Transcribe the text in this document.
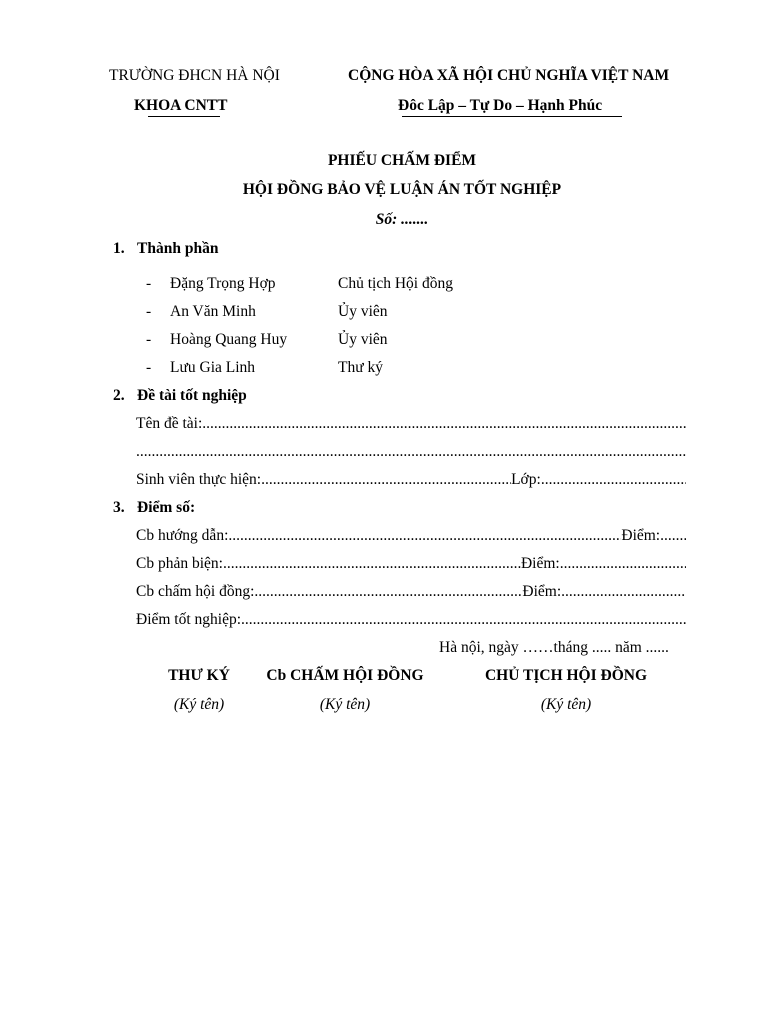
TRƯỜNG ĐHCN HÀ NỘI
KHOA CNTT
CỘNG HÒA XÃ HỘI CHỦ NGHĨA VIỆT NAM
Đôc Lập – Tự Do – Hạnh Phúc
PHIẾU CHẤM ĐIỂM
HỘI ĐỒNG BẢO VỆ LUẬN ÁN TỐT NGHIỆP
Số: .......
1. Thành phần
- Đặng Trọng Hợp	Chủ tịch Hội đồng
- An Văn Minh	Ủy viên
- Hoàng Quang Huy	Ủy viên
- Lưu Gia Linh	Thư ký
2. Đề tài tốt nghiệp
Tên đề tài:
.....
.....
Sinh viên thực hiện: .....	Lớp:
.....
3. Điểm số:
Cb hướng dẫn: .....	Điểm:
.....
Cb phản biện: .....	Điểm:
.....
Cb chấm hội đồng: .....	Điểm:
.....
Điểm tốt nghiệp:
.....
Hà nội, ngày ……tháng ..... năm ......
THƯ KÝ	Cb CHẤM HỘI ĐỒNG	CHỦ TỊCH HỘI ĐỒNG
(Ký tên)	(Ký tên)	(Ký tên)
